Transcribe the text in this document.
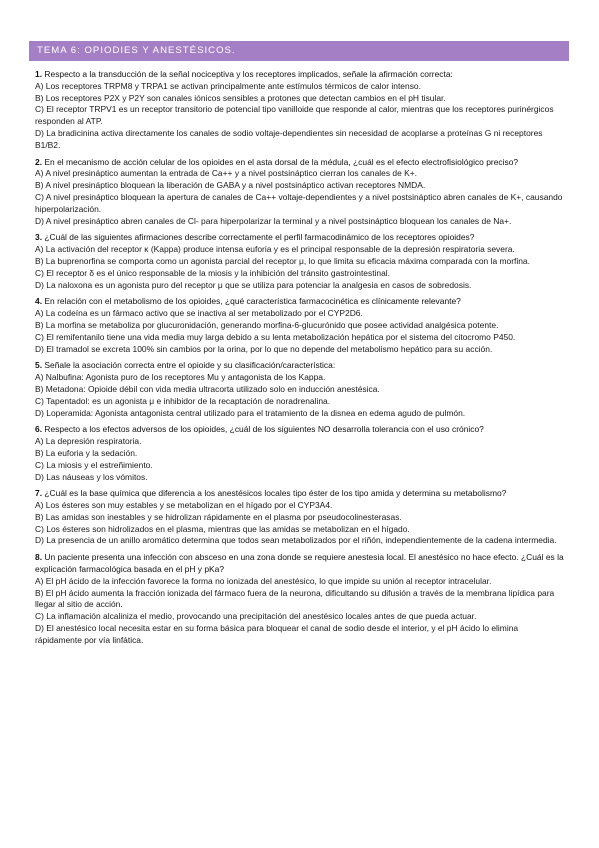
TEMA 6: OPIODIES Y ANESTÉSICOS.
1. Respecto a la transducción de la señal nociceptiva y los receptores implicados, señale la afirmación correcta:
A) Los receptores TRPM8 y TRPA1 se activan principalmente ante estímulos térmicos de calor intenso.
B) Los receptores P2X y P2Y son canales iónicos sensibles a protones que detectan cambios en el pH tisular.
C) El receptor TRPV1 es un receptor transitorio de potencial tipo vanilloide que responde al calor, mientras que los receptores purinérgicos responden al ATP.
D) La bradicinina activa directamente los canales de sodio voltaje-dependientes sin necesidad de acoplarse a proteínas G ni receptores B1/B2.
2. En el mecanismo de acción celular de los opioides en el asta dorsal de la médula, ¿cuál es el efecto electrofisiológico preciso?
A) A nivel presináptico aumentan la entrada de Ca++ y a nivel postsináptico cierran los canales de K+.
B) A nivel presináptico bloquean la liberación de GABA y a nivel postsináptico activan receptores NMDA.
C) A nivel presináptico bloquean la apertura de canales de Ca++ voltaje-dependientes y a nivel postsináptico abren canales de K+, causando hiperpolarización.
D) A nivel presináptico abren canales de Cl- para hiperpolarizar la terminal y a nivel postsináptico bloquean los canales de Na+.
3. ¿Cuál de las siguientes afirmaciones describe correctamente el perfil farmacodinámico de los receptores opioides?
A) La activación del receptor κ (Kappa) produce intensa euforia y es el principal responsable de la depresión respiratoria severa.
B) La buprenorfina se comporta como un agonista parcial del receptor μ, lo que limita su eficacia máxima comparada con la morfina.
C) El receptor δ es el único responsable de la miosis y la inhibición del tránsito gastrointestinal.
D) La naloxona es un agonista puro del receptor μ que se utiliza para potenciar la analgesia en casos de sobredosis.
4. En relación con el metabolismo de los opioides, ¿qué característica farmacocinética es clínicamente relevante?
A) La codeína es un fármaco activo que se inactiva al ser metabolizado por el CYP2D6.
B) La morfina se metaboliza por glucuronidación, generando morfina-6-glucurónido que posee actividad analgésica potente.
C) El remifentanilo tiene una vida media muy larga debido a su lenta metabolización hepática por el sistema del citocromo P450.
D) El tramadol se excreta 100% sin cambios por la orina, por lo que no depende del metabolismo hepático para su acción.
5. Señale la asociación correcta entre el opioide y su clasificación/característica:
A) Nalbufina: Agonista puro de los receptores Mu y antagonista de los Kappa.
B) Metadona: Opioide débil con vida media ultracorta utilizado solo en inducción anestésica.
C) Tapentadol: es un agonista μ e inhibidor de la recaptación de noradrenalina.
D) Loperamida: Agonista antagonista central utilizado para el tratamiento de la disnea en edema agudo de pulmón.
6. Respecto a los efectos adversos de los opioides, ¿cuál de los siguientes NO desarrolla tolerancia con el uso crónico?
A) La depresión respiratoria.
B) La euforia y la sedación.
C) La miosis y el estreñimiento.
D) Las náuseas y los vómitos.
7. ¿Cuál es la base química que diferencia a los anestésicos locales tipo éster de los tipo amida y determina su metabolismo?
A) Los ésteres son muy estables y se metabolizan en el hígado por el CYP3A4.
B) Las amidas son inestables y se hidrolizan rápidamente en el plasma por pseudocolinesterasas.
C) Los ésteres son hidrolizados en el plasma, mientras que las amidas se metabolizan en el hígado.
D) La presencia de un anillo aromático determina que todos sean metabolizados por el riñón, independientemente de la cadena intermedia.
8. Un paciente presenta una infección con absceso en una zona donde se requiere anestesia local. El anestésico no hace efecto. ¿Cuál es la explicación farmacológica basada en el pH y pKa?
A) El pH ácido de la infección favorece la forma no ionizada del anestésico, lo que impide su unión al receptor intracelular.
B) El pH ácido aumenta la fracción ionizada del fármaco fuera de la neurona, dificultando su difusión a través de la membrana lipídica para llegar al sitio de acción.
C) La inflamación alcaliniza el medio, provocando una precipitación del anestésico locales antes de que pueda actuar.
D) El anestésico local necesita estar en su forma básica para bloquear el canal de sodio desde el interior, y el pH ácido lo elimina rápidamente por vía linfática.
